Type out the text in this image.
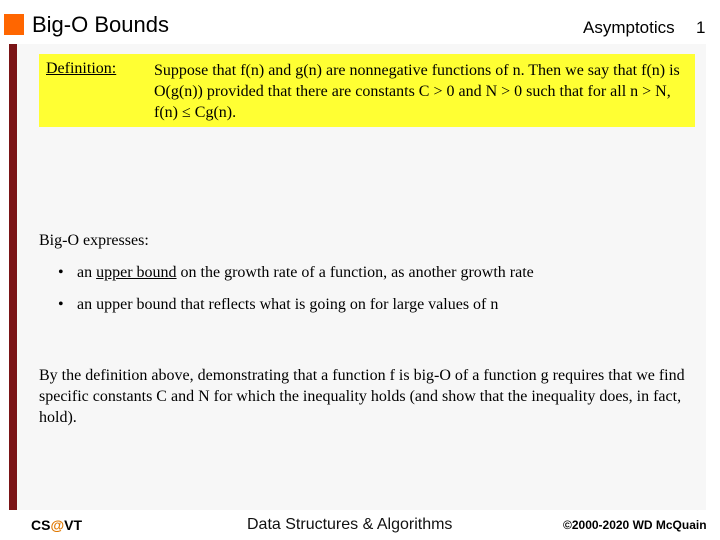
Big-O Bounds	Asymptotics 1
Definition: Suppose that f(n) and g(n) are nonnegative functions of n. Then we say that f(n) is O(g(n)) provided that there are constants C > 0 and N > 0 such that for all n > N, f(n) ≤ Cg(n).
Big-O expresses:
• an upper bound on the growth rate of a function, as another growth rate
• an upper bound that reflects what is going on for large values of n
By the definition above, demonstrating that a function f is big-O of a function g requires that we find specific constants C and N for which the inequality holds (and show that the inequality does, in fact, hold).
CS@VT	Data Structures & Algorithms	©2000-2020 WD McQuain
